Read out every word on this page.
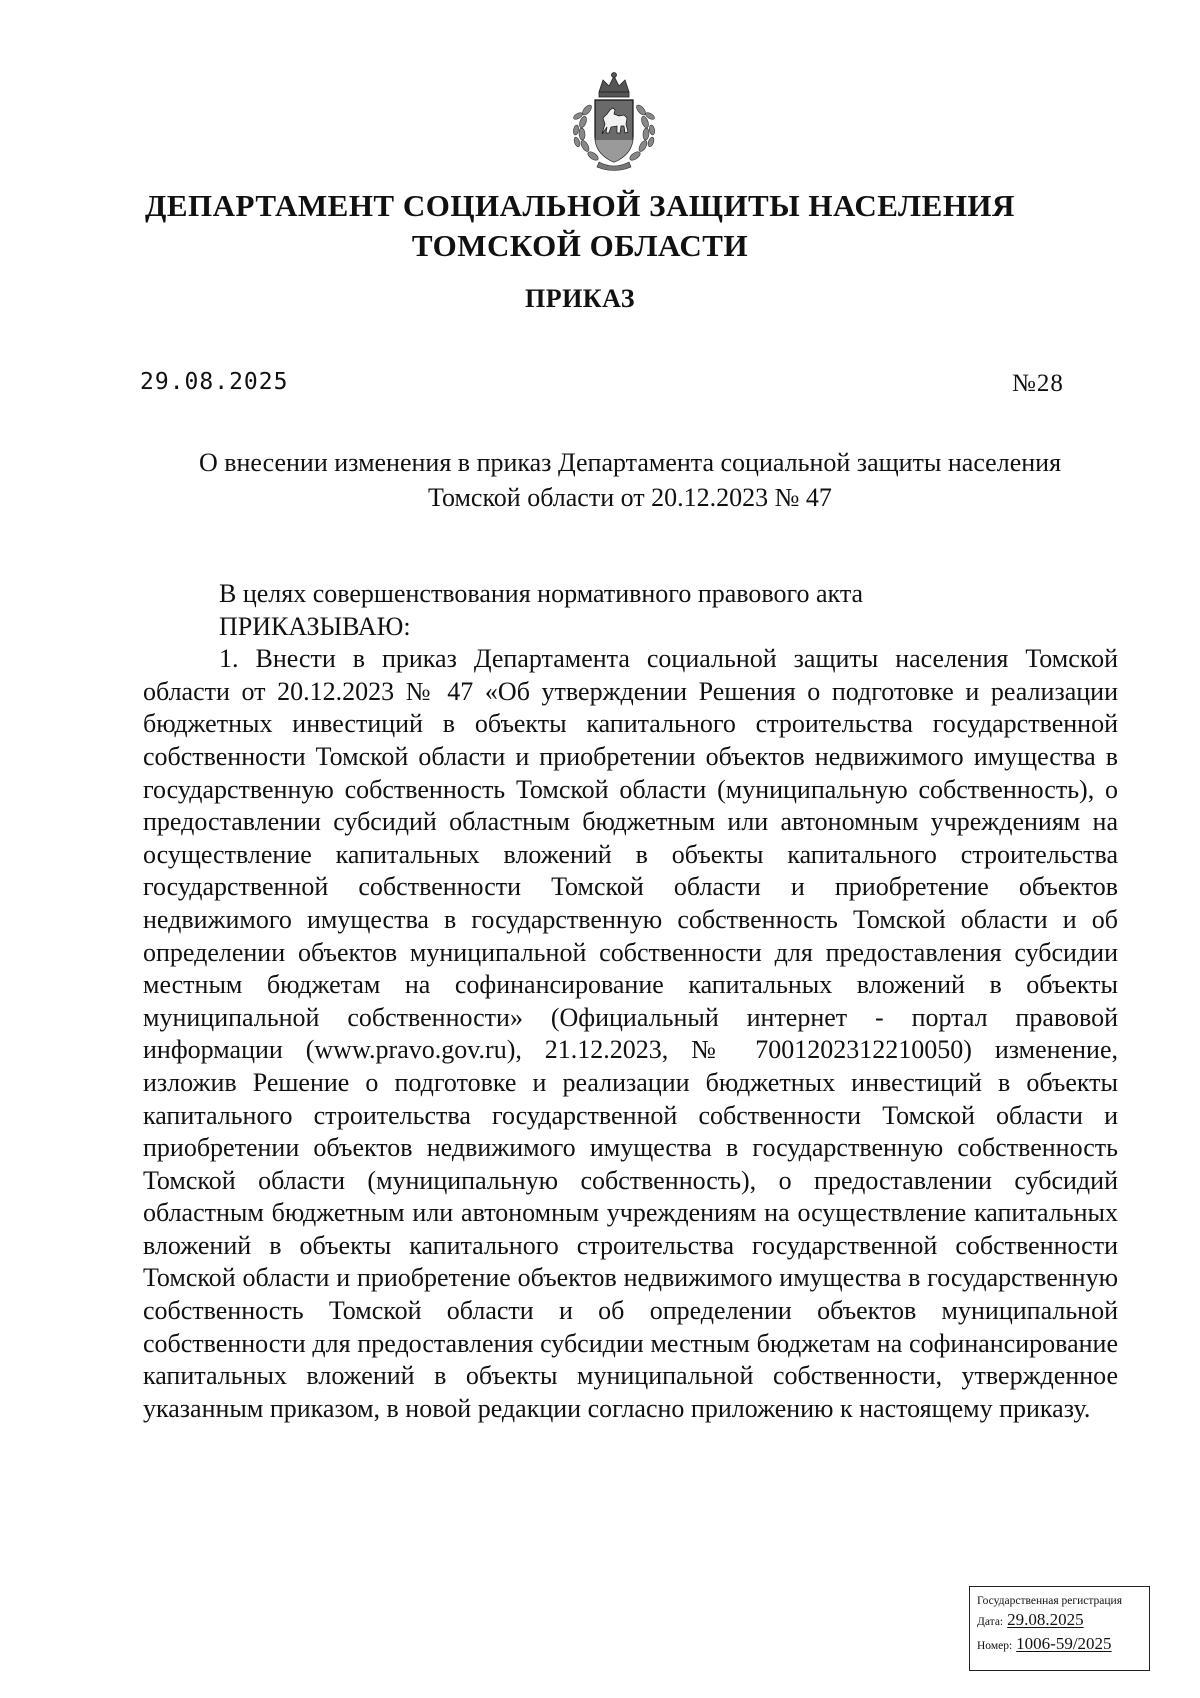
ДЕПАРТАМЕНТ СОЦИАЛЬНОЙ ЗАЩИТЫ НАСЕЛЕНИЯ
ТОМСКОЙ ОБЛАСТИ
ПРИКАЗ
29.08.2025	№28
О внесении изменения в приказ Департамента социальной защиты населения
Томской области от 20.12.2023 № 47

В целях совершенствования нормативного правового акта

ПРИКАЗЫВАЮ:

1. Внести в приказ Департамента социальной защиты населения Томской области от 20.12.2023 № 47 «Об утверждении Решения о подготовке и реализации бюджетных инвестиций в объекты капитального строительства государственной собственности Томской области и приобретении объектов недвижимого имущества в государственную собственность Томской области (муниципальную собственность), о предоставлении субсидий областным бюджетным или автономным учреждениям на осуществление капитальных вложений в объекты капитального строительства государственной собственности Томской области и приобретение объектов недвижимого имущества в государственную собственность Томской области и об определении объектов муниципальной собственности для предоставления субсидии местным бюджетам на софинансирование капитальных вложений в объекты муниципальной собственности» (Официальный интернет - портал правовой информации (www.pravo.gov.ru), 21.12.2023, № 7001202312210050) изменение, изложив Решение о подготовке и реализации бюджетных инвестиций в объекты капитального строительства государственной собственности Томской области и приобретении объектов недвижимого имущества в государственную собственность Томской области (муниципальную собственность), о предоставлении субсидий областным бюджетным или автономным учреждениям на осуществление капитальных вложений в объекты капитального строительства государственной собственности Томской области и приобретение объектов недвижимого имущества в государственную собственность Томской области и об определении объектов муниципальной собственности для предоставления субсидии местным бюджетам на софинансирование капитальных вложений в объекты муниципальной собственности, утвержденное указанным приказом, в новой редакции согласно приложению к настоящему приказу.

Государственная регистрация
Дата: 29.08.2025
Номер: 1006-59/2025
